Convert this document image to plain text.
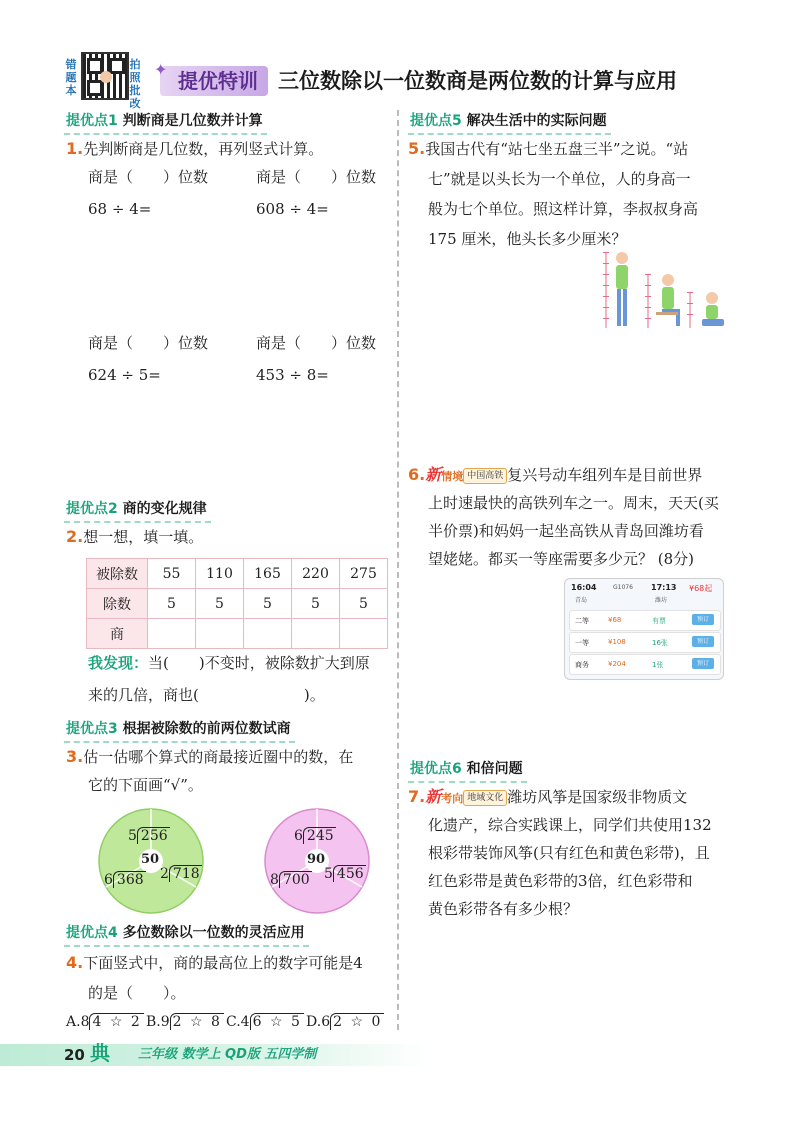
错题本
拍照批改
提优特训
✦	三位数除以一位数商是两位数的计算与应用
提优点1 判断商是几位数并计算
1.先判断商是几位数，再列竖式计算。
商是（　　）位数
68 ÷ 4=
商是（　　）位数
608 ÷ 4=
商是（　　）位数
624 ÷ 5=
商是（　　）位数
453 ÷ 8=
提优点2 商的变化规律
2.想一想，填一填。
被除数	55	110	165	220	275
除数	5	5	5	5	5
商					
我发现：当(　　)不变时，被除数扩大到原
来的几倍，商也(　　　　　　　)。
提优点3 根据被除数的前两位数试商
3.估一估哪个算式的商最接近圈中的数，在
它的下面画“√”。
50
5 256
6 368 2 718
90
6 245
8 700 5 456
提优点4 多位数除以一位数的灵活应用
4.下面竖式中，商的最高位上的数字可能是4
的是（　　）。
A.8 4 ☆ 2 B.9 2 ☆ 8 C.4 6 ☆ 5 D.6 2 ☆ 0
提优点5 解决生活中的实际问题
5.我国古代有“站七坐五盘三半”之说。“站
七”就是以头长为一个单位，人的身高一
般为七个单位。照这样计算，李叔叔身高
175 厘米，他头长多少厘米？
6.新情境 中国高铁 复兴号动车组列车是目前世界
上时速最快的高铁列车之一。周末，天天(买
半价票)和妈妈一起坐高铁从青岛回潍坊看
望姥姥。都买一等座需要多少元？ (8分)
16:04
青岛
G1076 17:13
潍坊
¥68起
二等	¥68	有票	预订
一等	¥108	16张	预订
商务	¥204	1张	预订
提优点6 和倍问题
7.新考向 地域文化 潍坊风筝是国家级非物质文
化遗产，综合实践课上，同学们共使用132
根彩带装饰风筝(只有红色和黄色彩带)，且
红色彩带是黄色彩带的3倍，红色彩带和
黄色彩带各有多少根？
20 典 三年级 数学上 QD版 五四学制
